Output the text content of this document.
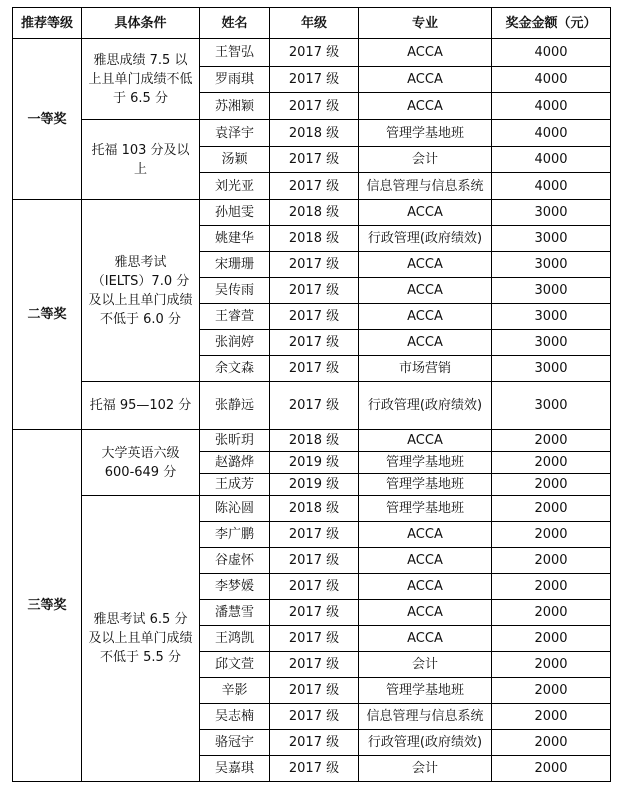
推荐等级	具体条件	姓名	年级	专业	奖金金额（元）
一等奖	雅思成绩 7.5 以上且单门成绩不低于 6.5 分	王智弘	2017 级	ACCA	4000
		罗雨琪	2017 级	ACCA	4000
		苏湘颖	2017 级	ACCA	4000
	托福 103 分及以上	袁泽宇	2018 级	管理学基地班	4000
		汤颖	2017 级	会计	4000
		刘光亚	2017 级	信息管理与信息系统	4000
二等奖	雅思考试（IELTS）7.0 分及以上且单门成绩不低于 6.0 分	孙旭雯	2018 级	ACCA	3000
		姚建华	2018 级	行政管理(政府绩效)	3000
		宋珊珊	2017 级	ACCA	3000
		吴传雨	2017 级	ACCA	3000
		王睿萱	2017 级	ACCA	3000
		张润婷	2017 级	ACCA	3000
		余文森	2017 级	市场营销	3000
	托福 95—102 分	张静远	2017 级	行政管理(政府绩效)	3000
三等奖	大学英语六级 600-649 分	张昕玥	2018 级	ACCA	2000
		赵潞烨	2019 级	管理学基地班	2000
		王成芳	2019 级	管理学基地班	2000
	雅思考试 6.5 分及以上且单门成绩不低于 5.5 分	陈沁圆	2018 级	管理学基地班	2000
		李广鹏	2017 级	ACCA	2000
		谷虚怀	2017 级	ACCA	2000
		李梦媛	2017 级	ACCA	2000
		潘慧雪	2017 级	ACCA	2000
		王鸿凯	2017 级	ACCA	2000
		邱文萱	2017 级	会计	2000
		辛影	2017 级	管理学基地班	2000
		吴志楠	2017 级	信息管理与信息系统	2000
		骆冠宇	2017 级	行政管理(政府绩效)	2000
		吴嘉琪	2017 级	会计	2000
